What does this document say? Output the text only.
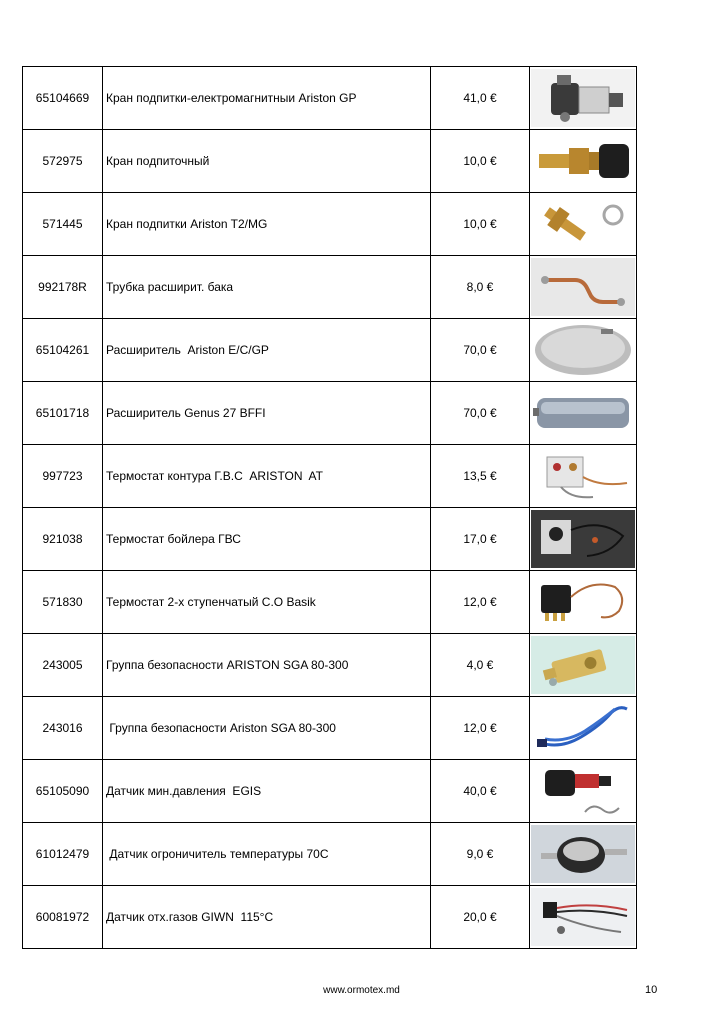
65104669	Кран подпитки-електромагнитныи Ariston GP	41,0 €	

572975	Кран подпиточный	10,0 €	

571445	Кран подпитки Ariston T2/MG	10,0 €	

992178R	Трубка расширит. бака	8,0 €	

65104261	Расширитель  Ariston E/C/GP	70,0 €	

65101718	Расширитель Genus 27 BFFI	70,0 €	

997723	Термостат контура Г.В.С  ARISTON  AT	13,5 €	

921038	Термостат бойлера ГВС	17,0 €	

571830	Термостат 2-х ступенчатый С.О Basik	12,0 €	

243005	Группа безопасности ARISTON SGA 80-300	4,0 €	

243016	Группа безопасности Ariston SGA 80-300	12,0 €	

65105090	Датчик мин.давления  EGIS	40,0 €	

61012479	Датчик огроничитель температуры 70С	9,0 €	

60081972	Датчик отх.газов GIWN  115°C	20,0 €	
www.ormotex.md	10
